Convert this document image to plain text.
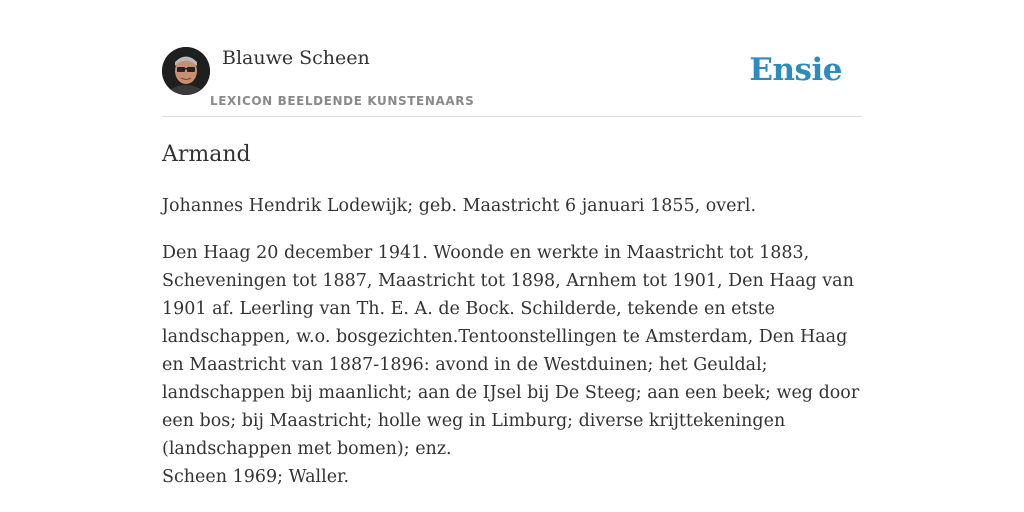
Blauwe Scheen
LEXICON BEELDENDE KUNSTENAARS
Ensie
Armand

Johannes Hendrik Lodewijk; geb. Maastricht 6 januari 1855, overl.

Den Haag 20 december 1941. Woonde en werkte in Maastricht tot 1883, Scheveningen tot 1887, Maastricht tot 1898, Arnhem tot 1901, Den Haag van 1901 af. Leerling van Th. E. A. de Bock. Schilderde, tekende en etste landschappen, w.o. bosgezichten.Tentoonstellingen te Amsterdam, Den Haag en Maastricht van 1887-1896: avond in de Westduinen; het Geuldal; landschappen bij maanlicht; aan de IJsel bij De Steeg; aan een beek; weg door een bos; bij Maastricht; holle weg in Limburg; diverse krijttekeningen (landschappen met bomen); enz.

Scheen 1969; Waller.
